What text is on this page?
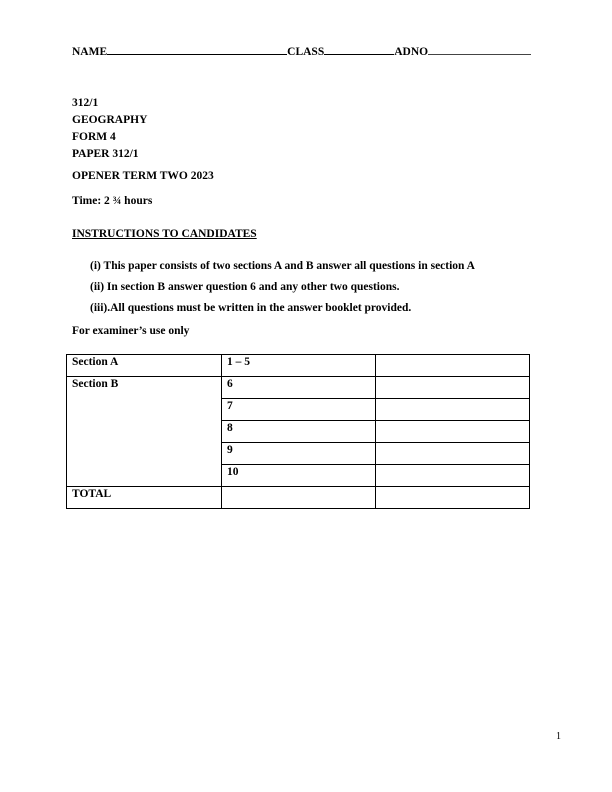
NAME	CLASS	ADNO
312/1
GEOGRAPHY
FORM 4
PAPER 312/1
OPENER TERM TWO 2023
Time: 2 ¾ hours
INSTRUCTIONS TO CANDIDATES
(i) This paper consists of two sections A and B answer all questions in section A
(ii) In section B answer question 6 and any other two questions.
(iii).All questions must be written in the answer booklet provided.
For examiner’s use only
Section A	1 – 5	
Section B	6	
	7	
	8	
	9	
	10	
TOTAL		
1
